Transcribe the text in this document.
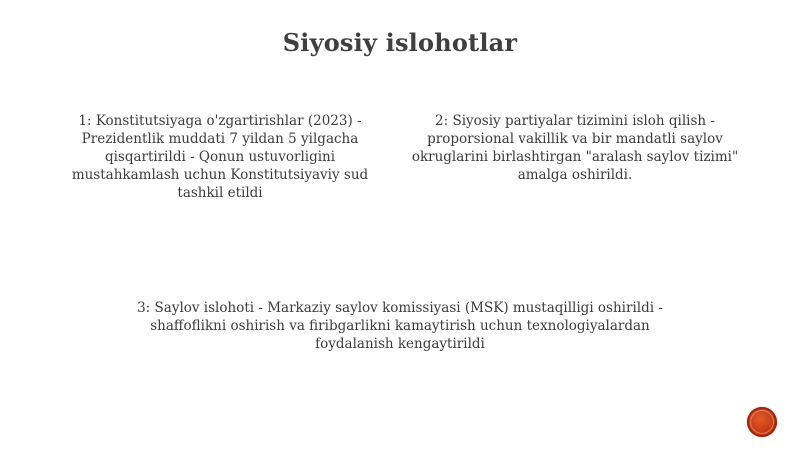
Siyosiy islohotlar
1: Konstitutsiyaga o'zgartirishlar (2023) - Prezidentlik muddati 7 yildan 5 yilgacha qisqartirildi - Qonun ustuvorligini mustahkamlash uchun Konstitutsiyaviy sud tashkil etildi
2: Siyosiy partiyalar tizimini isloh qilish - proporsional vakillik va bir mandatli saylov okruglarini birlashtirgan "aralash saylov tizimi" amalga oshirildi.
3: Saylov islohoti - Markaziy saylov komissiyasi (MSK) mustaqilligi oshirildi - shaffoflikni oshirish va firibgarlikni kamaytirish uchun texnologiyalardan foydalanish kengaytirildi
